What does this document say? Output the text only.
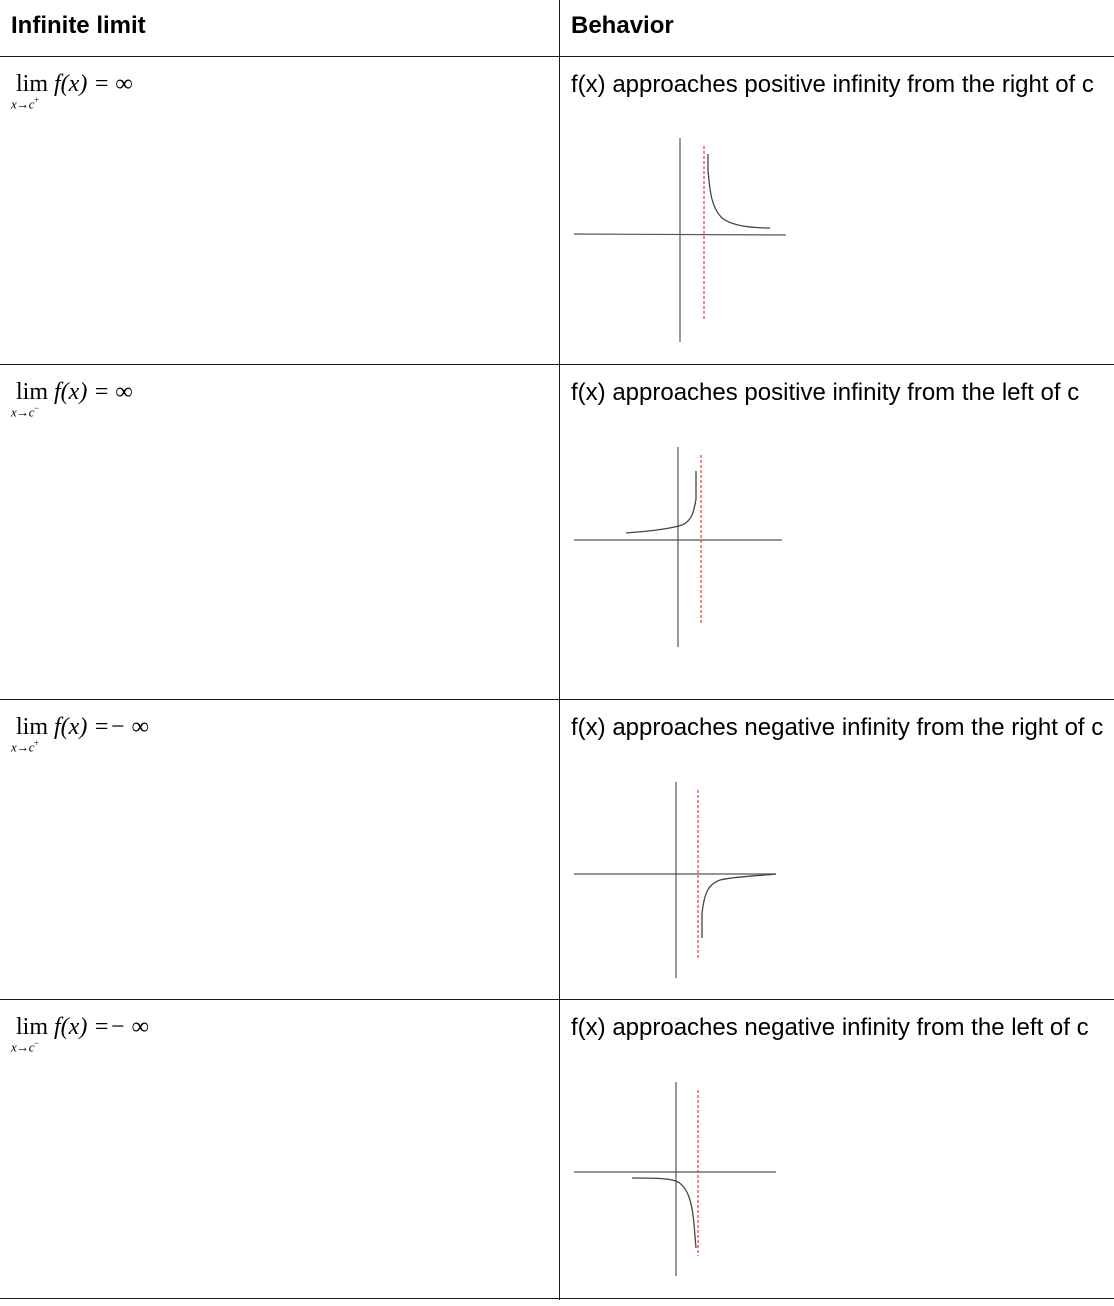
Infinite limit	Behavior
lim f(x) = ∞
x→c+
f(x) approaches positive infinity from the right of c
lim f(x) = ∞
x→c−
f(x) approaches positive infinity from the left of c
lim f(x) =− ∞
x→c+
f(x) approaches negative infinity from the right of c
lim f(x) =− ∞
x→c−
f(x) approaches negative infinity from the left of c
